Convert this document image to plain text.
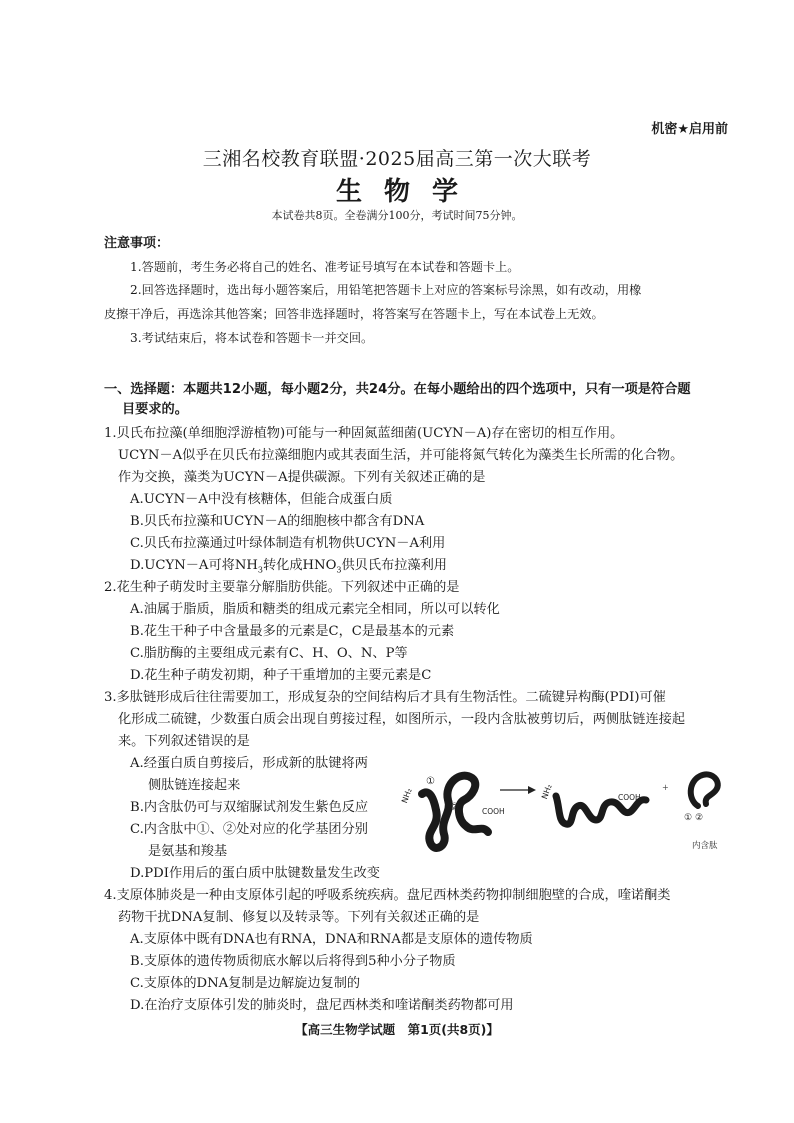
机密★启用前
三湘名校教育联盟·2025届高三第一次大联考
生物学
本试卷共8页。全卷满分100分，考试时间75分钟。
注意事项：
1.答题前，考生务必将自己的姓名、准考证号填写在本试卷和答题卡上。
2.回答选择题时，选出每小题答案后，用铅笔把答题卡上对应的答案标号涂黑，如有改动，用橡
皮擦干净后，再选涂其他答案；回答非选择题时，将答案写在答题卡上，写在本试卷上无效。
3.考试结束后，将本试卷和答题卡一并交回。
一、选择题：本题共12小题，每小题2分，共24分。在每小题给出的四个选项中，只有一项是符合题
目要求的。
1.贝氏布拉藻(单细胞浮游植物)可能与一种固氮蓝细菌(UCYN－A)存在密切的相互作用。
UCYN－A似乎在贝氏布拉藻细胞内或其表面生活，并可能将氮气转化为藻类生长所需的化合物。
作为交换，藻类为UCYN－A提供碳源。下列有关叙述正确的是
A.UCYN－A中没有核糖体，但能合成蛋白质
B.贝氏布拉藻和UCYN－A的细胞核中都含有DNA
C.贝氏布拉藻通过叶绿体制造有机物供UCYN－A利用
D.UCYN－A可将$NH_3$转化成$HNO_3$供贝氏布拉藻利用
2.花生种子萌发时主要靠分解脂肪供能。下列叙述中正确的是
A.油属于脂质，脂质和糖类的组成元素完全相同，所以可以转化
B.花生干种子中含量最多的元素是C，C是最基本的元素
C.脂肪酶的主要组成元素有C、H、O、N、P等
D.花生种子萌发初期，种子干重增加的主要元素是C
3.多肽链形成后往往需要加工，形成复杂的空间结构后才具有生物活性。二硫键异构酶(PDI)可催
化形成二硫键，少数蛋白质会出现自剪接过程，如图所示，一段内含肽被剪切后，两侧肽链连接起
来。下列叙述错误的是
A.经蛋白质自剪接后，形成新的肽键将两
侧肽链连接起来
B.内含肽仍可与双缩脲试剂发生紫色反应
C.内含肽中①、②处对应的化学基团分别
是氨基和羧基
D.PDI作用后的蛋白质中肽键数量发生改变
NH₂
①
②	COOH
NH₂	COOH
+
① ②
内含肽
4.支原体肺炎是一种由支原体引起的呼吸系统疾病。盘尼西林类药物抑制细胞壁的合成，喹诺酮类
药物干扰DNA复制、修复以及转录等。下列有关叙述正确的是
A.支原体中既有DNA也有RNA，DNA和RNA都是支原体的遗传物质
B.支原体的遗传物质彻底水解以后将得到5种小分子物质
C.支原体的DNA复制是边解旋边复制的
D.在治疗支原体引发的肺炎时，盘尼西林类和喹诺酮类药物都可用
【高三生物学试题　第1页(共8页)】
